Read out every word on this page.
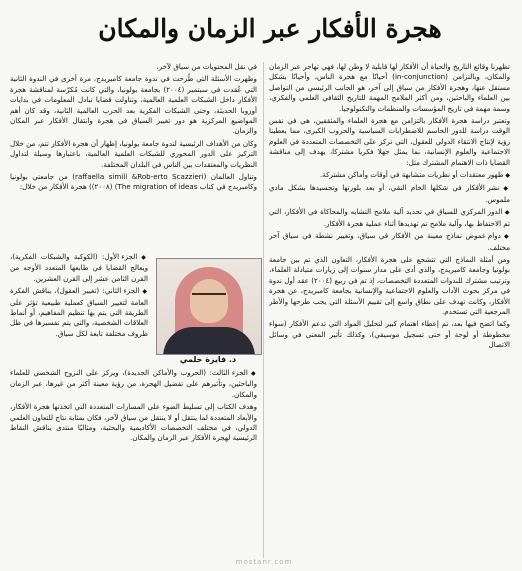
هجرة الأفكار عبر الزمان والمكان

تظهرنا وقائع التاريخ والحياة أن الأفكار لها قابلية لا وطن لها، فهي تهاجر عبر الزمان والمكان، وبالتزامن (in-conjunction) أحيانًا مع هجرة الناس، وأحيانًا بشكل مستقل عنها، وهجرة الأفكار من سياق إلى آخر، هو الجانب الرئيسي من التواصل بين العلماء والباحثين، ومن أكثر الملامح المهمة للتاريخ الثقافي العلمي والفكري، وسمة مهمة في تاريخ المؤسسات والمنظمات والتكنولوجيا.

وتعتبر دراسة هجرة الأفكار بالتزامن مع هجرة العلماء والمثقفين، هي في نفس الوقت دراسة للدور الحاسم للاضطرابات السياسية والحروب الكبرى، مما يعطينا رؤية لإنتاج الانتقاء الدولي للعقول، التي تركز على التخصصات المتعددة في العلوم الاجتماعية والعلوم الإنسانية، بما يمثل جهلا فكريا مشتركا، يهدف إلى مناقشة القضايا ذات الاهتمام المشترك مثل:

◆ ظهور معتقدات أو نظريات متشابهة في أوقات وأماكن مشتركة.

◆ نشر الأفكار في شكلها الخام النقي، أو بعد بلورتها وتجسيدها بشكل مادي ملموس.

◆ الدور المركزي للسياق في تحديد آلية ملامح التشابه والمحاكاة في الأفكار، التي تم الاحتفاظ بها، وآلية ملامح تم تهديدها أثناء عملية هجرة الأفكار.

◆ دوام غموض نماذج معينة من الأفكار في سياق، وتغيير نشطة في سياق آخر مختلف.

ومن أمثلة النماذج التي تتشجع على هجرة الأفكار، التعاون الذي تم بين جامعة بولونيا وجامعة كامبريدج، والذي أدى على مدار سنوات إلى زيارات متبادلة العلماء، وترتيب مشترك للندوات المتعددة التخصصات، إذ تم في ربيع (٢٠٠٤) عقد أول ندوة في مركز بحوث الآداب والعلوم الاجتماعية والإنسانية بجامعة كامبريدج، عن هجرة الأفكار، وكانت تهدف على نطاق واسع إلى تقييم الأسئلة التي يجب طرحها والأطر المرجعية التي تستخدم.

وكما اتضح فيها بعد، تم إعطاء اهتمام كبير لتحليل المواد التي تدعم الأفكار (سواء مخطوطة أو لوحة أو حتى تسجيل موسيقي)، وكذلك تأثير المعنى في وسائل الاتصال

في نقل المحتويات من سياق لآخر.

وظهرت الأسئلة التي طُرحت في ندوة جامعة كامبريدج، مرة أخرى في الندوة الثانية التي عُقدت في سبتمبر (٢٠٠٤) بجامعة بولونيا، والتي كانت مُكرّسة لمناقشة هجرة الأفكار داخل الشبكات العلمية العالمية، وتناولت قضايا تبادل المعلومات في بدايات أوروبا الحديثة، وحتى الشبكات الفكرية بعد الحرب العالمية الثانية، وقد كان أهم المواضيع المركزية هو دور تغيير السياق في هجرة وانتقال الأفكار عبر المكان والزمان.

وكان من الأهداف الرئيسية لندوة جامعة بولونيا، إظهار أن هجرة الأفكار تتم، من خلال التركيز على الدور المحوري للشبكات العلمية العالمية، باعتبارها وسيلة لتداول النظريات والمعتقدات بين الناس في البلدان المختلفة.

وتناول العالمان (raffaella simili &Rob-erto Scazzieri) من جامعتي بولونيا وكامبريدج في كتاب The migration of ideas) (٢٠٠٨)) هجرة الأفكار من خلال:

◆ الجزء الأول: (الكوكبة والشبكات الفكرية)، ويعالج القضايا في طابعها المتعدد الأوجه من القرن الثامن عشر إلى القرن العشرين.

◆ الجزء الثاني: (تغيير العقول)، يناقش الفكرة العامة لتغيير السياق كعملية طبيعية تؤثر على الطريقة التي يتم بها تنظيم المفاهيم، أو أنماط العلاقات الشخصية، والتي يتم تفسيرها في ظل ظروف مختلفة تابعة لكل سياق.

د. فايزة حلمي

◆ الجزء الثالث: (الحروب والأماكن الجديدة)، ويركز على النزوح الشخصي للعلماء والباحثين، وتأثيرهم على تفضيل الهجرة، من رؤية معينة أكثر من غيرها، عبر الزمان والمكان.

وهدف الكتاب إلى تسليط الضوء على المسارات المتعددة التي اتخذتها هجرة الأفكار، والأبعاد المتعددة لما ينتقل أو لا ينتقل من سياق لآخر، فكان بمثابة نتاج للتعاون العلمي الدولي، في مختلف التخصصات الأكاديمية والبحثية، ومثاليًا منتدى يناقش النقاط الرئيسية لهجرة الأفكار عبر الزمان والمكان.

mostanr.com
